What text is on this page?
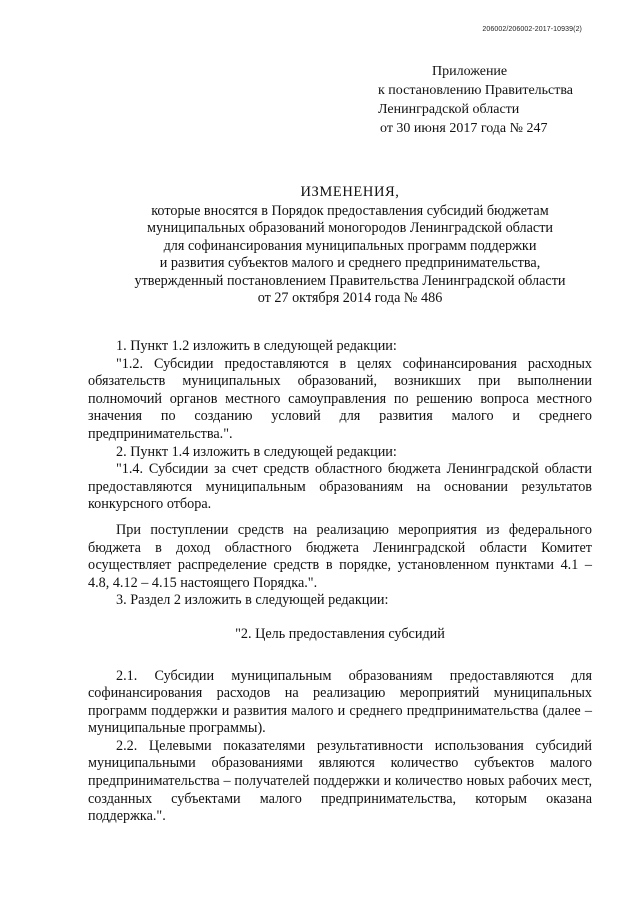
206002/206002-2017-10939(2)
Приложение
к постановлению Правительства
Ленинградской области
от 30 июня 2017 года № 247
ИЗМЕНЕНИЯ,
которые вносятся в Порядок предоставления субсидий бюджетам
муниципальных образований моногородов Ленинградской области
для софинансирования муниципальных программ поддержки
и развития субъектов малого и среднего предпринимательства,
утвержденный постановлением Правительства Ленинградской области
от 27 октября 2014 года № 486

1. Пункт 1.2 изложить в следующей редакции:

"1.2. Субсидии предоставляются в целях софинансирования расходных обязательств муниципальных образований, возникших при выполнении полномочий органов местного самоуправления по решению вопроса местного значения по созданию условий для развития малого и среднего предпринимательства.".

2. Пункт 1.4 изложить в следующей редакции:

"1.4. Субсидии за счет средств областного бюджета Ленинградской области предоставляются муниципальным образованиям на основании результатов конкурсного отбора.

При поступлении средств на реализацию мероприятия из федерального бюджета в доход областного бюджета Ленинградской области Комитет осуществляет распределение средств в порядке, установленном пунктами 4.1 – 4.8, 4.12 – 4.15 настоящего Порядка.".

3. Раздел 2 изложить в следующей редакции:

"2. Цель предоставления субсидий

2.1. Субсидии муниципальным образованиям предоставляются для софинансирования расходов на реализацию мероприятий муниципальных программ поддержки и развития малого и среднего предпринимательства (далее – муниципальные программы).

2.2. Целевыми показателями результативности использования субсидий муниципальными образованиями являются количество субъектов малого предпринимательства – получателей поддержки и количество новых рабочих мест, созданных субъектами малого предпринимательства, которым оказана поддержка.".
